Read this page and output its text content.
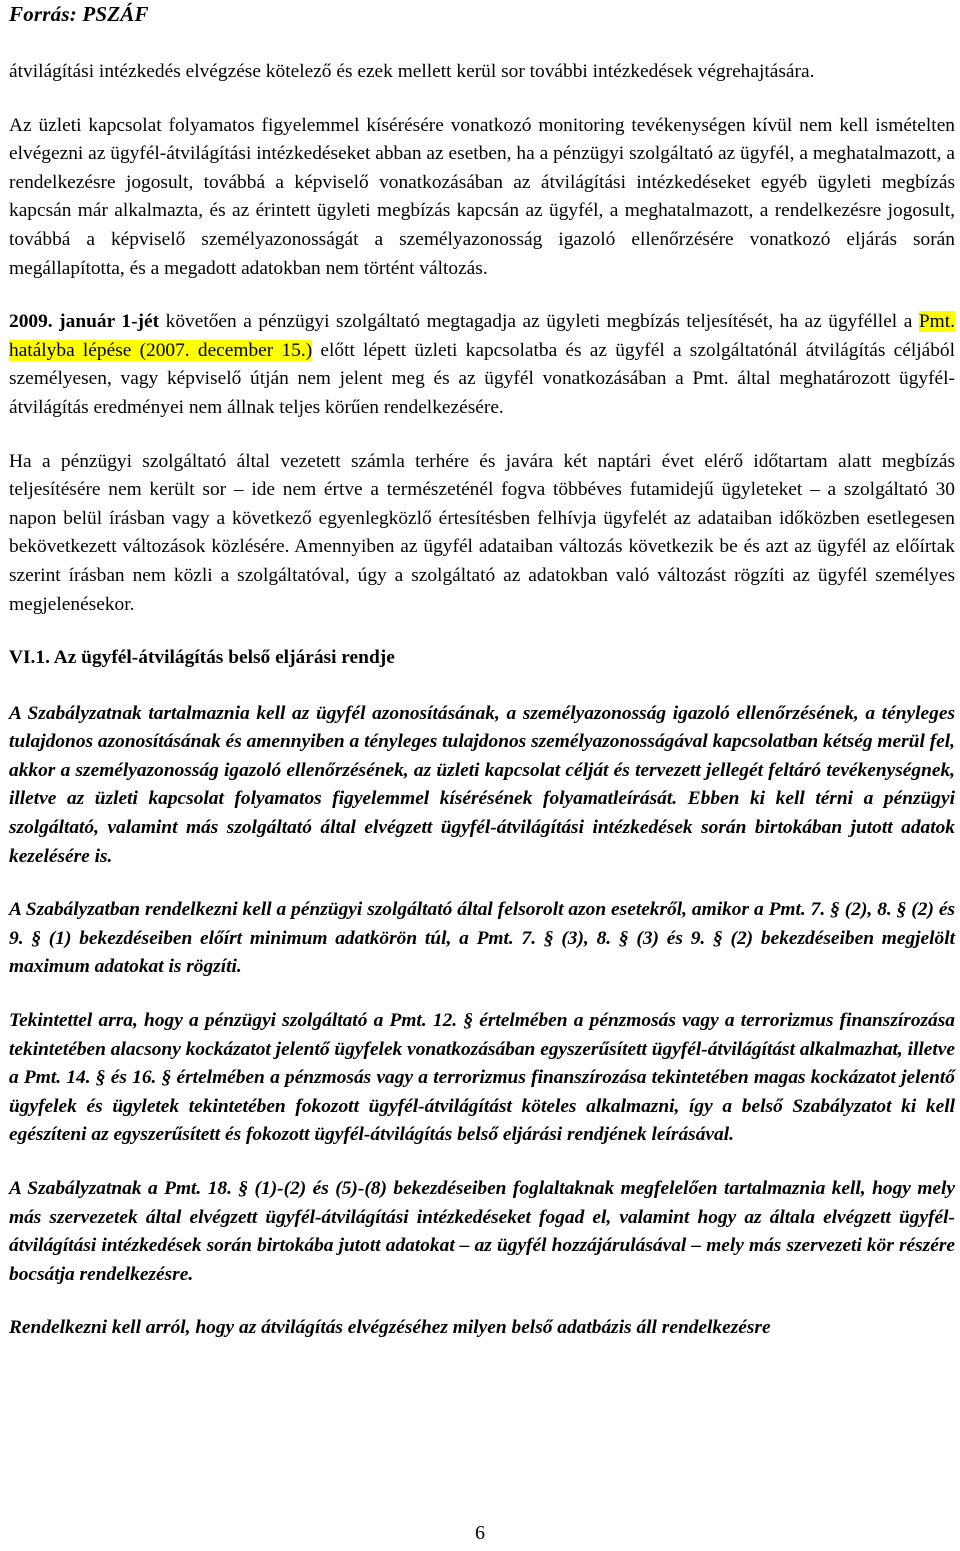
Forrás: PSZÁF

átvilágítási intézkedés elvégzése kötelező és ezek mellett kerül sor további intézkedések végrehajtására.

Az üzleti kapcsolat folyamatos figyelemmel kísérésére vonatkozó monitoring tevékenységen kívül nem kell ismételten elvégezni az ügyfél-átvilágítási intézkedéseket abban az esetben, ha a pénzügyi szolgáltató az ügyfél, a meghatalmazott, a rendelkezésre jogosult, továbbá a képviselő vonatkozásában az átvilágítási intézkedéseket egyéb ügyleti megbízás kapcsán már alkalmazta, és az érintett ügyleti megbízás kapcsán az ügyfél, a meghatalmazott, a rendelkezésre jogosult, továbbá a képviselő személyazonosságát a személyazonosság igazoló ellenőrzésére vonatkozó eljárás során megállapította, és a megadott adatokban nem történt változás.

2009. január 1-jét követően a pénzügyi szolgáltató megtagadja az ügyleti megbízás teljesítését, ha az ügyféllel a Pmt. hatályba lépése (2007. december 15.) előtt lépett üzleti kapcsolatba és az ügyfél a szolgáltatónál átvilágítás céljából személyesen, vagy képviselő útján nem jelent meg és az ügyfél vonatkozásában a Pmt. által meghatározott ügyfél-átvilágítás eredményei nem állnak teljes körűen rendelkezésére.

Ha a pénzügyi szolgáltató által vezetett számla terhére és javára két naptári évet elérő időtartam alatt megbízás teljesítésére nem került sor – ide nem értve a természeténél fogva többéves futamidejű ügyleteket – a szolgáltató 30 napon belül írásban vagy a következő egyenlegközlő értesítésben felhívja ügyfelét az adataiban időközben esetlegesen bekövetkezett változások közlésére. Amennyiben az ügyfél adataiban változás következik be és azt az ügyfél az előírtak szerint írásban nem közli a szolgáltatóval, úgy a szolgáltató az adatokban való változást rögzíti az ügyfél személyes megjelenésekor.

VI.1. Az ügyfél-átvilágítás belső eljárási rendje

A Szabályzatnak tartalmaznia kell az ügyfél azonosításának, a személyazonosság igazoló ellenőrzésének, a tényleges tulajdonos azonosításának és amennyiben a tényleges tulajdonos személyazonosságával kapcsolatban kétség merül fel, akkor a személyazonosság igazoló ellenőrzésének, az üzleti kapcsolat célját és tervezett jellegét feltáró tevékenységnek, illetve az üzleti kapcsolat folyamatos figyelemmel kísérésének folyamatleírását. Ebben ki kell térni a pénzügyi szolgáltató, valamint más szolgáltató által elvégzett ügyfél-átvilágítási intézkedések során birtokában jutott adatok kezelésére is.

A Szabályzatban rendelkezni kell a pénzügyi szolgáltató által felsorolt azon esetekről, amikor a Pmt. 7. § (2), 8. § (2) és 9. § (1) bekezdéseiben előírt minimum adatkörön túl, a Pmt. 7. § (3), 8. § (3) és 9. § (2) bekezdéseiben megjelölt maximum adatokat is rögzíti.

Tekintettel arra, hogy a pénzügyi szolgáltató a Pmt. 12. § értelmében a pénzmosás vagy a terrorizmus finanszírozása tekintetében alacsony kockázatot jelentő ügyfelek vonatkozásában egyszerűsített ügyfél-átvilágítást alkalmazhat, illetve a Pmt. 14. § és 16. § értelmében a pénzmosás vagy a terrorizmus finanszírozása tekintetében magas kockázatot jelentő ügyfelek és ügyletek tekintetében fokozott ügyfél-átvilágítást köteles alkalmazni, így a belső Szabályzatot ki kell egészíteni az egyszerűsített és fokozott ügyfél-átvilágítás belső eljárási rendjének leírásával.

A Szabályzatnak a Pmt. 18. § (1)-(2) és (5)-(8) bekezdéseiben foglaltaknak megfelelően tartalmaznia kell, hogy mely más szervezetek által elvégzett ügyfél-átvilágítási intézkedéseket fogad el, valamint hogy az általa elvégzett ügyfél-átvilágítási intézkedések során birtokába jutott adatokat – az ügyfél hozzájárulásával – mely más szervezeti kör részére bocsátja rendelkezésre.

Rendelkezni kell arról, hogy az átvilágítás elvégzéséhez milyen belső adatbázis áll rendelkezésre

6
